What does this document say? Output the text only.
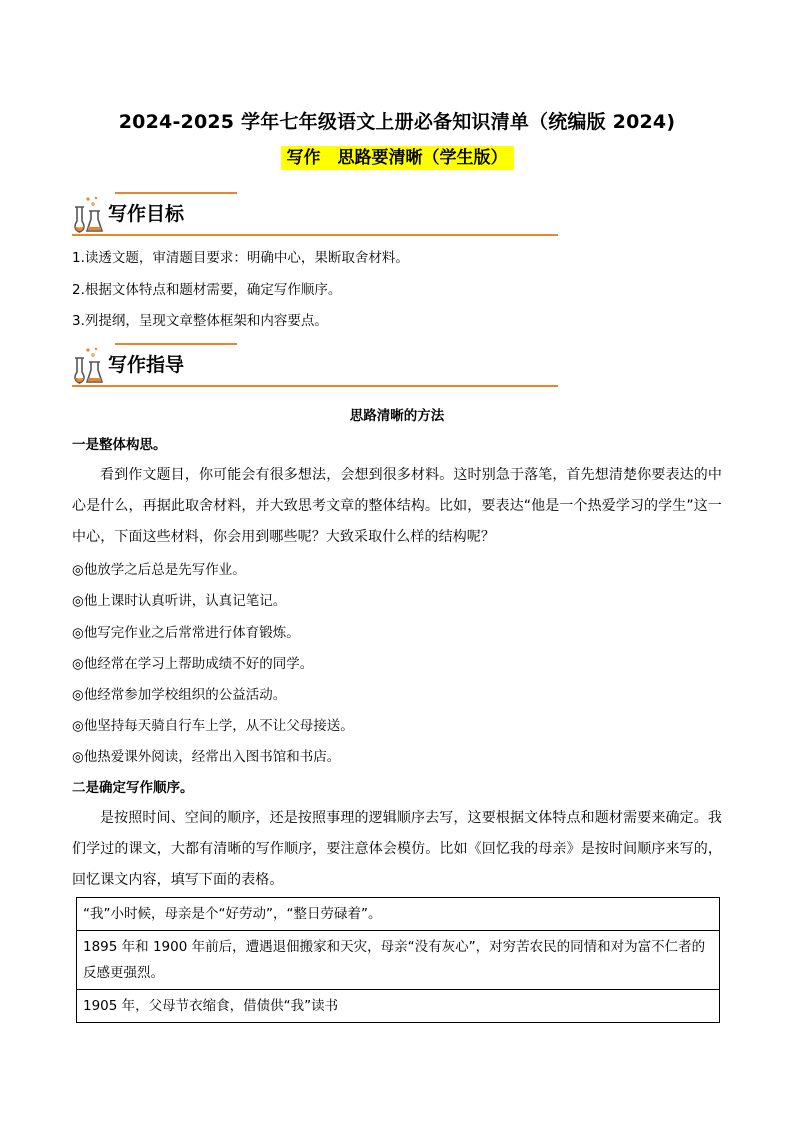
2024-2025 学年七年级语文上册必备知识清单（统编版 2024)
写作　思路要清晰（学生版）
写作目标
1.读透文题，审清题目要求：明确中心，果断取舍材料。
2.根据文体特点和题材需要，确定写作顺序。
3.列提纲，呈现文章整体框架和内容要点。
写作指导
思路清晰的方法
一是整体构思。
看到作文题目，你可能会有很多想法，会想到很多材料。这时别急于落笔，首先想清楚你要表达的中心是什么，再据此取舍材料，并大致思考文章的整体结构。比如，要表达“他是一个热爱学习的学生”这一中心，下面这些材料，你会用到哪些呢？大致采取什么样的结构呢？
◎他放学之后总是先写作业。
◎他上课时认真听讲，认真记笔记。
◎他写完作业之后常常进行体育锻炼。
◎他经常在学习上帮助成绩不好的同学。
◎他经常参加学校组织的公益活动。
◎他坚持每天骑自行车上学，从不让父母接送。
◎他热爱课外阅读，经常出入图书馆和书店。
二是确定写作顺序。
是按照时间、空间的顺序，还是按照事理的逻辑顺序去写，这要根据文体特点和题材需要来确定。我们学过的课文，大都有清晰的写作顺序，要注意体会模仿。比如《回忆我的母亲》是按时间顺序来写的，回忆课文内容，填写下面的表格。
“我”小时候，母亲是个“好劳动”，“整日劳碌着”。
1895 年和 1900 年前后，遭遇退佃搬家和天灾，母亲“没有灰心”，对穷苦农民的同情和对为富不仁者的反感更强烈。
1905 年，父母节衣缩食，借债供“我”读书
